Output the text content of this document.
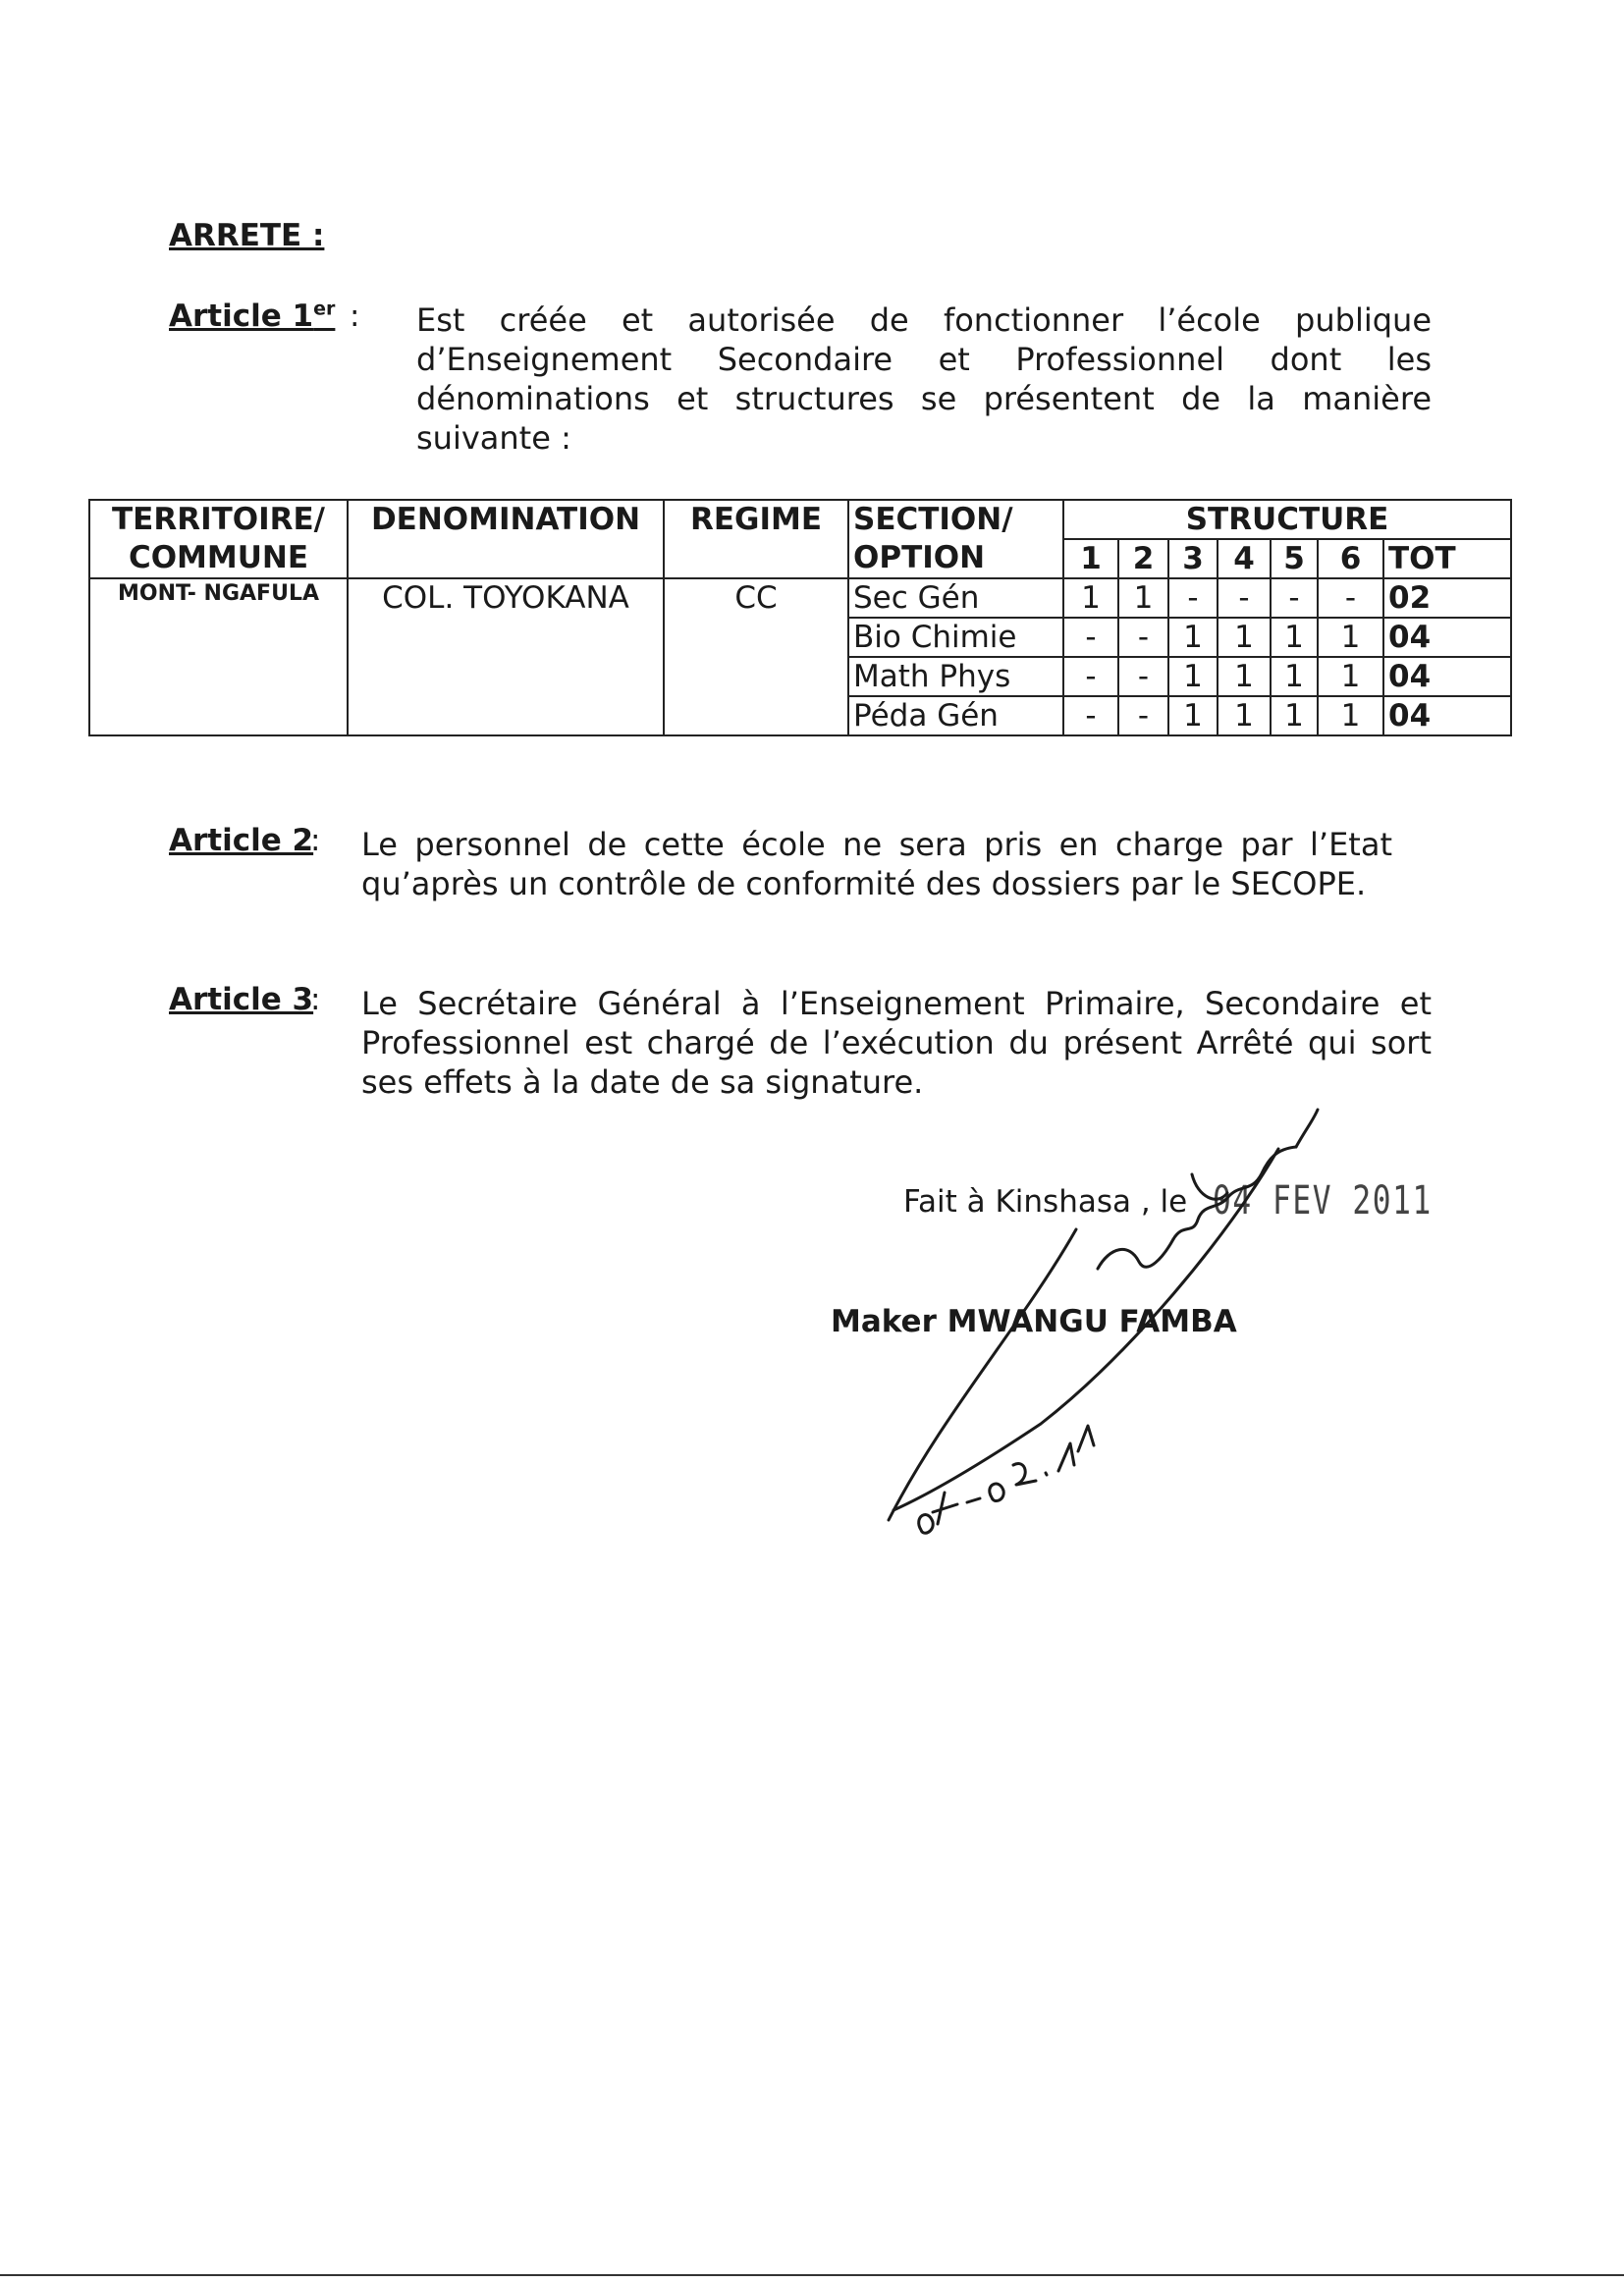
ARRETE :
Article 1er : Est créée et autorisée de fonctionner l’école publique d’Enseignement Secondaire et Professionnel dont les dénominations et structures se présentent de la manière suivante :
TERRITOIRE/ COMMUNE	DENOMINATION	REGIME	SECTION/ OPTION	STRUCTURE						
				1	2	3	4	5	6	TOT
MONT- NGAFULA	COL. TOYOKANA	CC	Sec Gén	1	1	-	-	-	-	02
			Bio Chimie	-	-	1	1	1	1	04
			Math Phys	-	-	1	1	1	1	04
			Péda Gén	-	-	1	1	1	1	04
Article 2
: Le personnel de cette école ne sera pris en charge par l’Etat qu’après un contrôle de conformité des dossiers par le SECOPE.
Article 3
: Le Secrétaire Général à l’Enseignement Primaire, Secondaire et Professionnel est chargé de l’exécution du présent Arrêté qui sort ses effets à la date de sa signature.
Fait à Kinshasa , le 04 FEV 2011
Maker MWANGU FAMBA
